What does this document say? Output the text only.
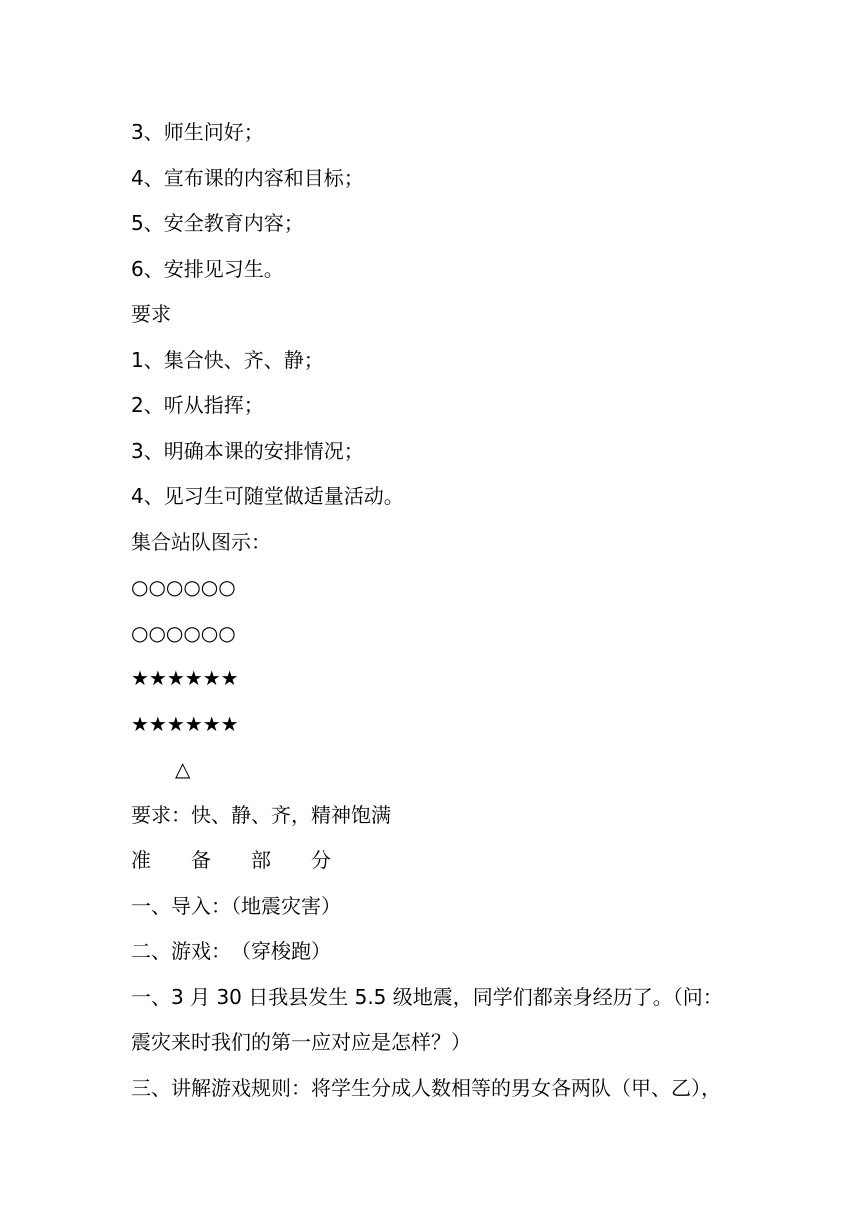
3、师生问好；
4、宣布课的内容和目标；
5、安全教育内容；
6、安排见习生。
要求
1、集合快、齐、静；
2、听从指挥；
3、明确本课的安排情况；
4、见习生可随堂做适量活动。
集合站队图示：
○○○○○○
○○○○○○
★★★★★★
★★★★★★
△
要求：快、静、齐，精神饱满
准　　备　　部　　分
一、导入：（地震灾害）
二、游戏：　（穿梭跑）
一、3 月 30 日我县发生 5.5 级地震，同学们都亲身经历了。（问：
震灾来时我们的第一应对应是怎样？）
三、讲解游戏规则：将学生分成人数相等的男女各两队（甲、乙），
